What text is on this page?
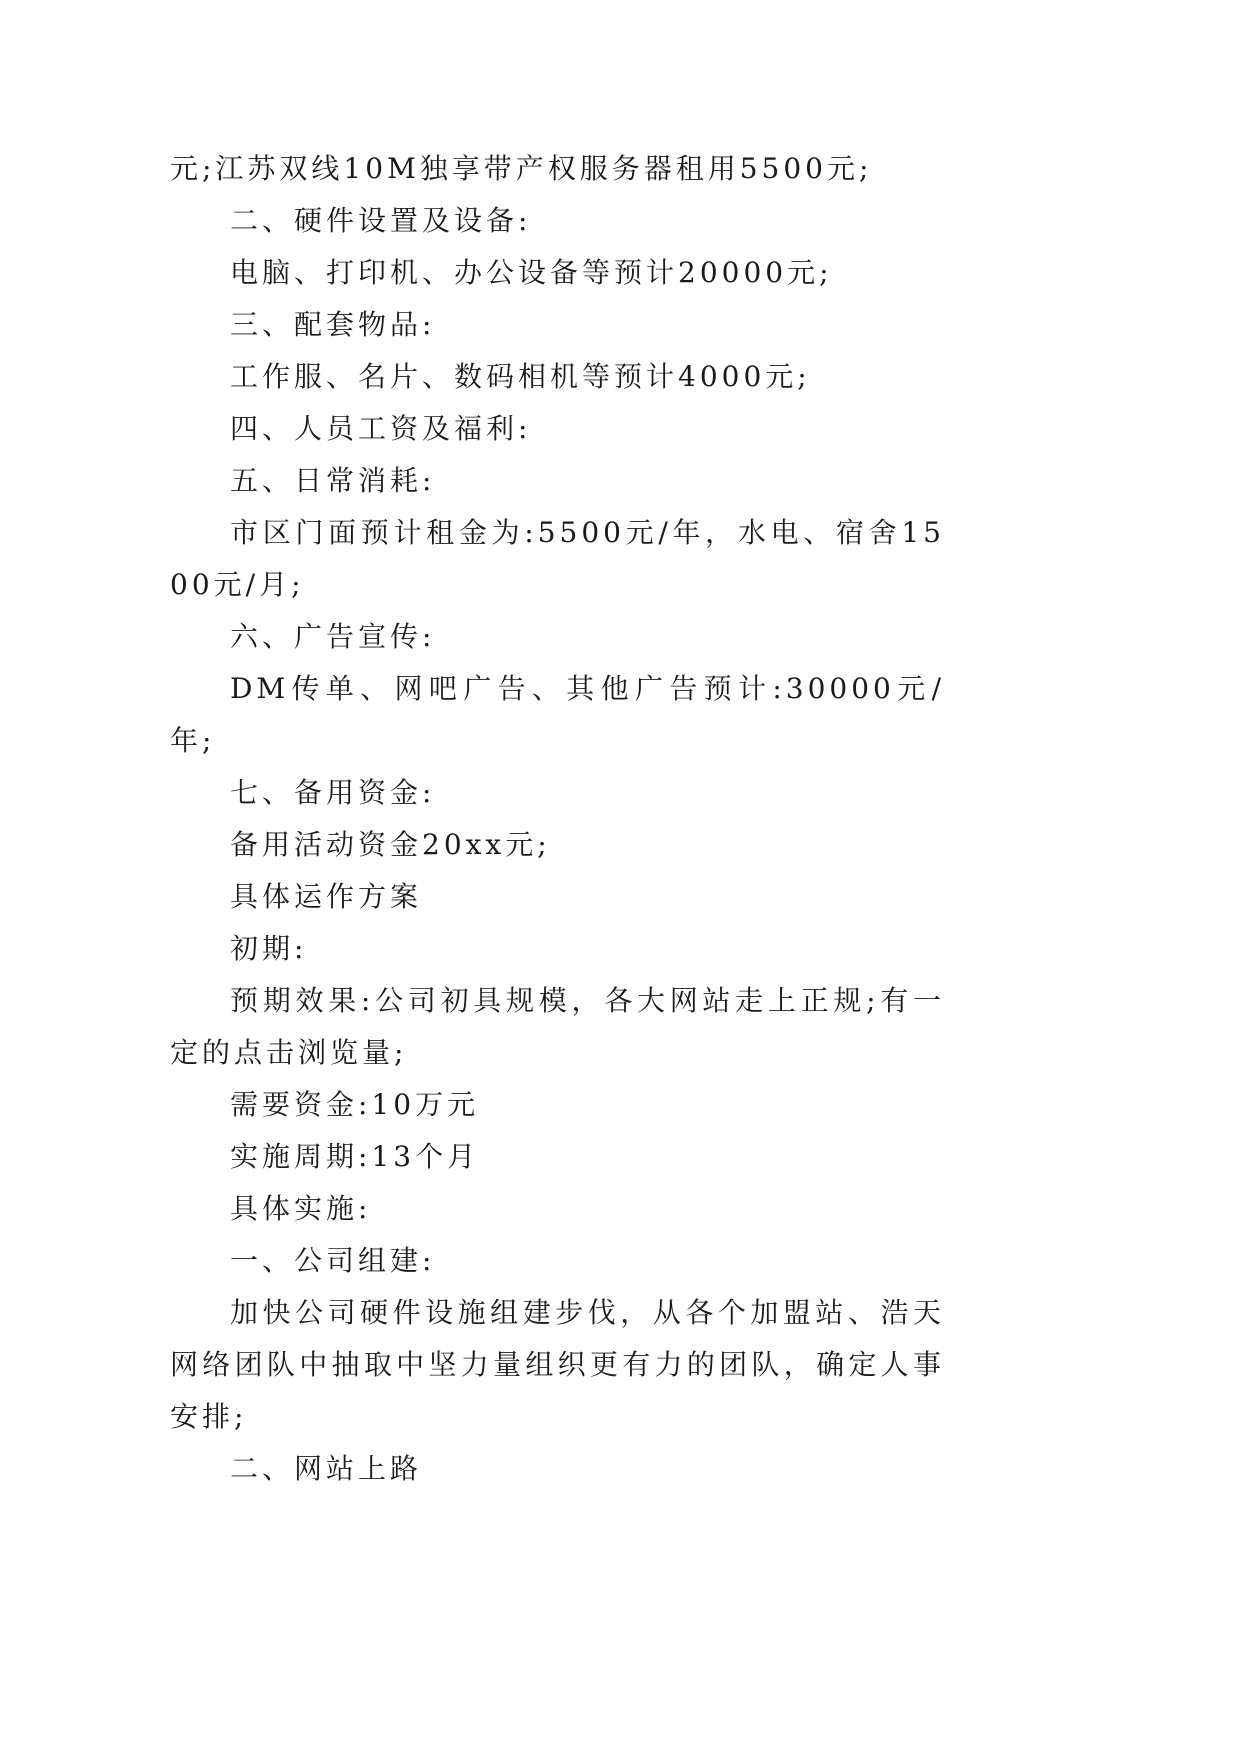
元;江苏双线10M独享带产权服务器租用5500元;

二、硬件设置及设备:

电脑、打印机、办公设备等预计20000元;

三、配套物品:

工作服、名片、数码相机等预计4000元;

四、人员工资及福利:

五、日常消耗:

市区门面预计租金为:5500元/年，水电、宿舍1500元/月;

六、广告宣传:

DM传单、网吧广告、其他广告预计:30000元/年;

七、备用资金:

备用活动资金20xx元;

具体运作方案

初期:

预期效果:公司初具规模，各大网站走上正规;有一定的点击浏览量;

需要资金:10万元

实施周期:13个月

具体实施:

一、公司组建:

加快公司硬件设施组建步伐，从各个加盟站、浩天网络团队中抽取中坚力量组织更有力的团队，确定人事安排;

二、网站上路
